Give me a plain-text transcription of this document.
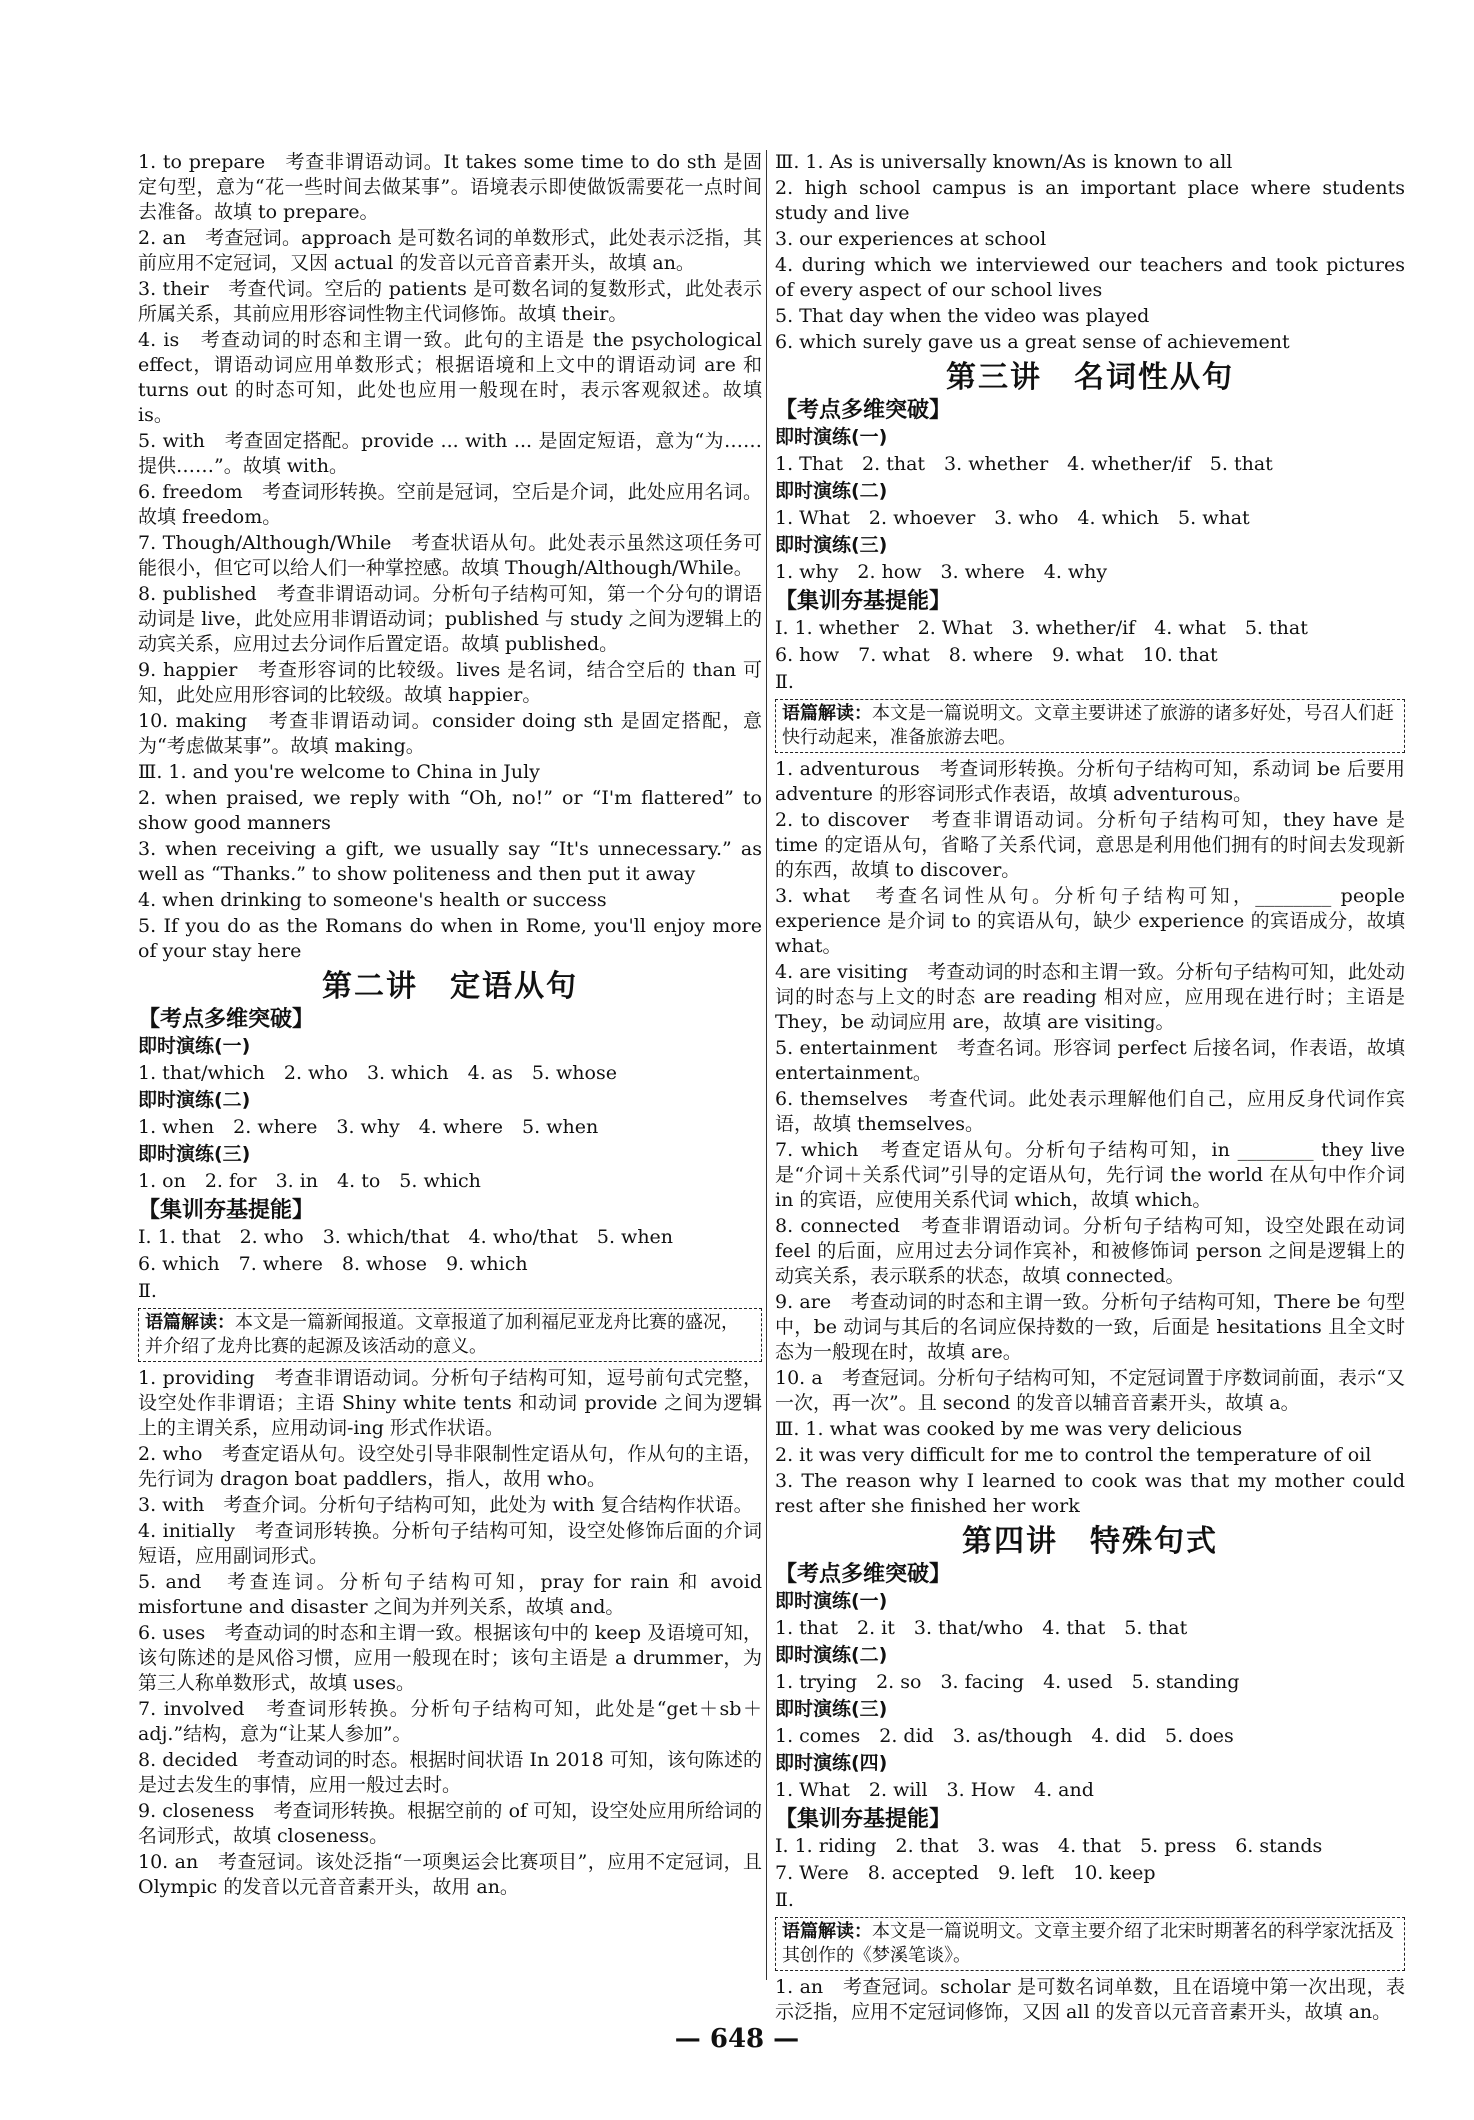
1. to prepare　考查非谓语动词。It takes some time to do sth 是固定句型，意为“花一些时间去做某事”。语境表示即使做饭需要花一点时间去准备。故填 to prepare。

2. an　考查冠词。approach 是可数名词的单数形式，此处表示泛指，其前应用不定冠词，又因 actual 的发音以元音音素开头，故填 an。

3. their　考查代词。空后的 patients 是可数名词的复数形式，此处表示所属关系，其前应用形容词性物主代词修饰。故填 their。

4. is　考查动词的时态和主谓一致。此句的主语是 the psychological effect，谓语动词应用单数形式；根据语境和上文中的谓语动词 are 和 turns out 的时态可知，此处也应用一般现在时，表示客观叙述。故填 is。

5. with　考查固定搭配。provide ... with ... 是固定短语，意为“为……提供……”。故填 with。

6. freedom　考查词形转换。空前是冠词，空后是介词，此处应用名词。故填 freedom。

7. Though/Although/While　考查状语从句。此处表示虽然这项任务可能很小，但它可以给人们一种掌控感。故填 Though/Although/While。

8. published　考查非谓语动词。分析句子结构可知，第一个分句的谓语动词是 live，此处应用非谓语动词；published 与 study 之间为逻辑上的动宾关系，应用过去分词作后置定语。故填 published。

9. happier　考查形容词的比较级。lives 是名词，结合空后的 than 可知，此处应用形容词的比较级。故填 happier。

10. making　考查非谓语动词。consider doing sth 是固定搭配，意为“考虑做某事”。故填 making。

Ⅲ. 1. and you're welcome to China in July

2. when praised, we reply with “Oh, no!” or “I'm flattered” to show good manners

3. when receiving a gift, we usually say “It's unnecessary.” as well as “Thanks.” to show politeness and then put it away

4. when drinking to someone's health or success

5. If you do as the Romans do when in Rome, you'll enjoy more of your stay here

第二讲　定语从句
【考点多维突破】
即时演练(一)
1. that/which　2. who　3. which　4. as　5. whose
即时演练(二)
1. when　2. where　3. why　4. where　5. when
即时演练(三)
1. on　2. for　3. in　4. to　5. which
【集训夯基提能】
Ⅰ. 1. that　2. who　3. which/that　4. who/that　5. when
6. which　7. where　8. whose　9. which
Ⅱ.
语篇解读：本文是一篇新闻报道。文章报道了加利福尼亚龙舟比赛的盛况，并介绍了龙舟比赛的起源及该活动的意义。

1. providing　考查非谓语动词。分析句子结构可知，逗号前句式完整，设空处作非谓语；主语 Shiny white tents 和动词 provide 之间为逻辑上的主谓关系，应用动词-ing 形式作状语。

2. who　考查定语从句。设空处引导非限制性定语从句，作从句的主语，先行词为 dragon boat paddlers，指人，故用 who。

3. with　考查介词。分析句子结构可知，此处为 with 复合结构作状语。

4. initially　考查词形转换。分析句子结构可知，设空处修饰后面的介词短语，应用副词形式。

5. and　考查连词。分析句子结构可知，pray for rain 和 avoid misfortune and disaster 之间为并列关系，故填 and。

6. uses　考查动词的时态和主谓一致。根据该句中的 keep 及语境可知，该句陈述的是风俗习惯，应用一般现在时；该句主语是 a drummer，为第三人称单数形式，故填 uses。

7. involved　考查词形转换。分析句子结构可知，此处是“get＋sb＋adj.”结构，意为“让某人参加”。

8. decided　考查动词的时态。根据时间状语 In 2018 可知，该句陈述的是过去发生的事情，应用一般过去时。

9. closeness　考查词形转换。根据空前的 of 可知，设空处应用所给词的名词形式，故填 closeness。

10. an　考查冠词。该处泛指“一项奥运会比赛项目”，应用不定冠词，且 Olympic 的发音以元音音素开头，故用 an。

Ⅲ. 1. As is universally known/As is known to all

2. high school campus is an important place where students study and live

3. our experiences at school

4. during which we interviewed our teachers and took pictures of every aspect of our school lives

5. That day when the video was played

6. which surely gave us a great sense of achievement

第三讲　名词性从句
【考点多维突破】
即时演练(一)
1. That　2. that　3. whether　4. whether/if　5. that
即时演练(二)
1. What　2. whoever　3. who　4. which　5. what
即时演练(三)
1. why　2. how　3. where　4. why
【集训夯基提能】
Ⅰ. 1. whether　2. What　3. whether/if　4. what　5. that
6. how　7. what　8. where　9. what　10. that
Ⅱ.
语篇解读：本文是一篇说明文。文章主要讲述了旅游的诸多好处，号召人们赶快行动起来，准备旅游去吧。

1. adventurous　考查词形转换。分析句子结构可知，系动词 be 后要用 adventure 的形容词形式作表语，故填 adventurous。

2. to discover　考查非谓语动词。分析句子结构可知，they have 是 time 的定语从句，省略了关系代词，意思是利用他们拥有的时间去发现新的东西，故填 to discover。

3. what　考查名词性从句。分析句子结构可知，________ people experience 是介词 to 的宾语从句，缺少 experience 的宾语成分，故填 what。

4. are visiting　考查动词的时态和主谓一致。分析句子结构可知，此处动词的时态与上文的时态 are reading 相对应，应用现在进行时；主语是 They，be 动词应用 are，故填 are visiting。

5. entertainment　考查名词。形容词 perfect 后接名词，作表语，故填 entertainment。

6. themselves　考查代词。此处表示理解他们自己，应用反身代词作宾语，故填 themselves。

7. which　考查定语从句。分析句子结构可知，in ________ they live 是“介词＋关系代词”引导的定语从句，先行词 the world 在从句中作介词 in 的宾语，应使用关系代词 which，故填 which。

8. connected　考查非谓语动词。分析句子结构可知，设空处跟在动词 feel 的后面，应用过去分词作宾补，和被修饰词 person 之间是逻辑上的动宾关系，表示联系的状态，故填 connected。

9. are　考查动词的时态和主谓一致。分析句子结构可知，There be 句型中，be 动词与其后的名词应保持数的一致，后面是 hesitations 且全文时态为一般现在时，故填 are。

10. a　考查冠词。分析句子结构可知，不定冠词置于序数词前面，表示“又一次，再一次”。且 second 的发音以辅音音素开头，故填 a。

Ⅲ. 1. what was cooked by me was very delicious

2. it was very difficult for me to control the temperature of oil

3. The reason why I learned to cook was that my mother could rest after she finished her work

第四讲　特殊句式
【考点多维突破】
即时演练(一)
1. that　2. it　3. that/who　4. that　5. that
即时演练(二)
1. trying　2. so　3. facing　4. used　5. standing
即时演练(三)
1. comes　2. did　3. as/though　4. did　5. does
即时演练(四)
1. What　2. will　3. How　4. and
【集训夯基提能】
Ⅰ. 1. riding　2. that　3. was　4. that　5. press　6. stands
7. Were　8. accepted　9. left　10. keep
Ⅱ.
语篇解读：本文是一篇说明文。文章主要介绍了北宋时期著名的科学家沈括及其创作的《梦溪笔谈》。

1. an　考查冠词。scholar 是可数名词单数，且在语境中第一次出现，表示泛指，应用不定冠词修饰，又因 all 的发音以元音音素开头，故填 an。

— 648 —
